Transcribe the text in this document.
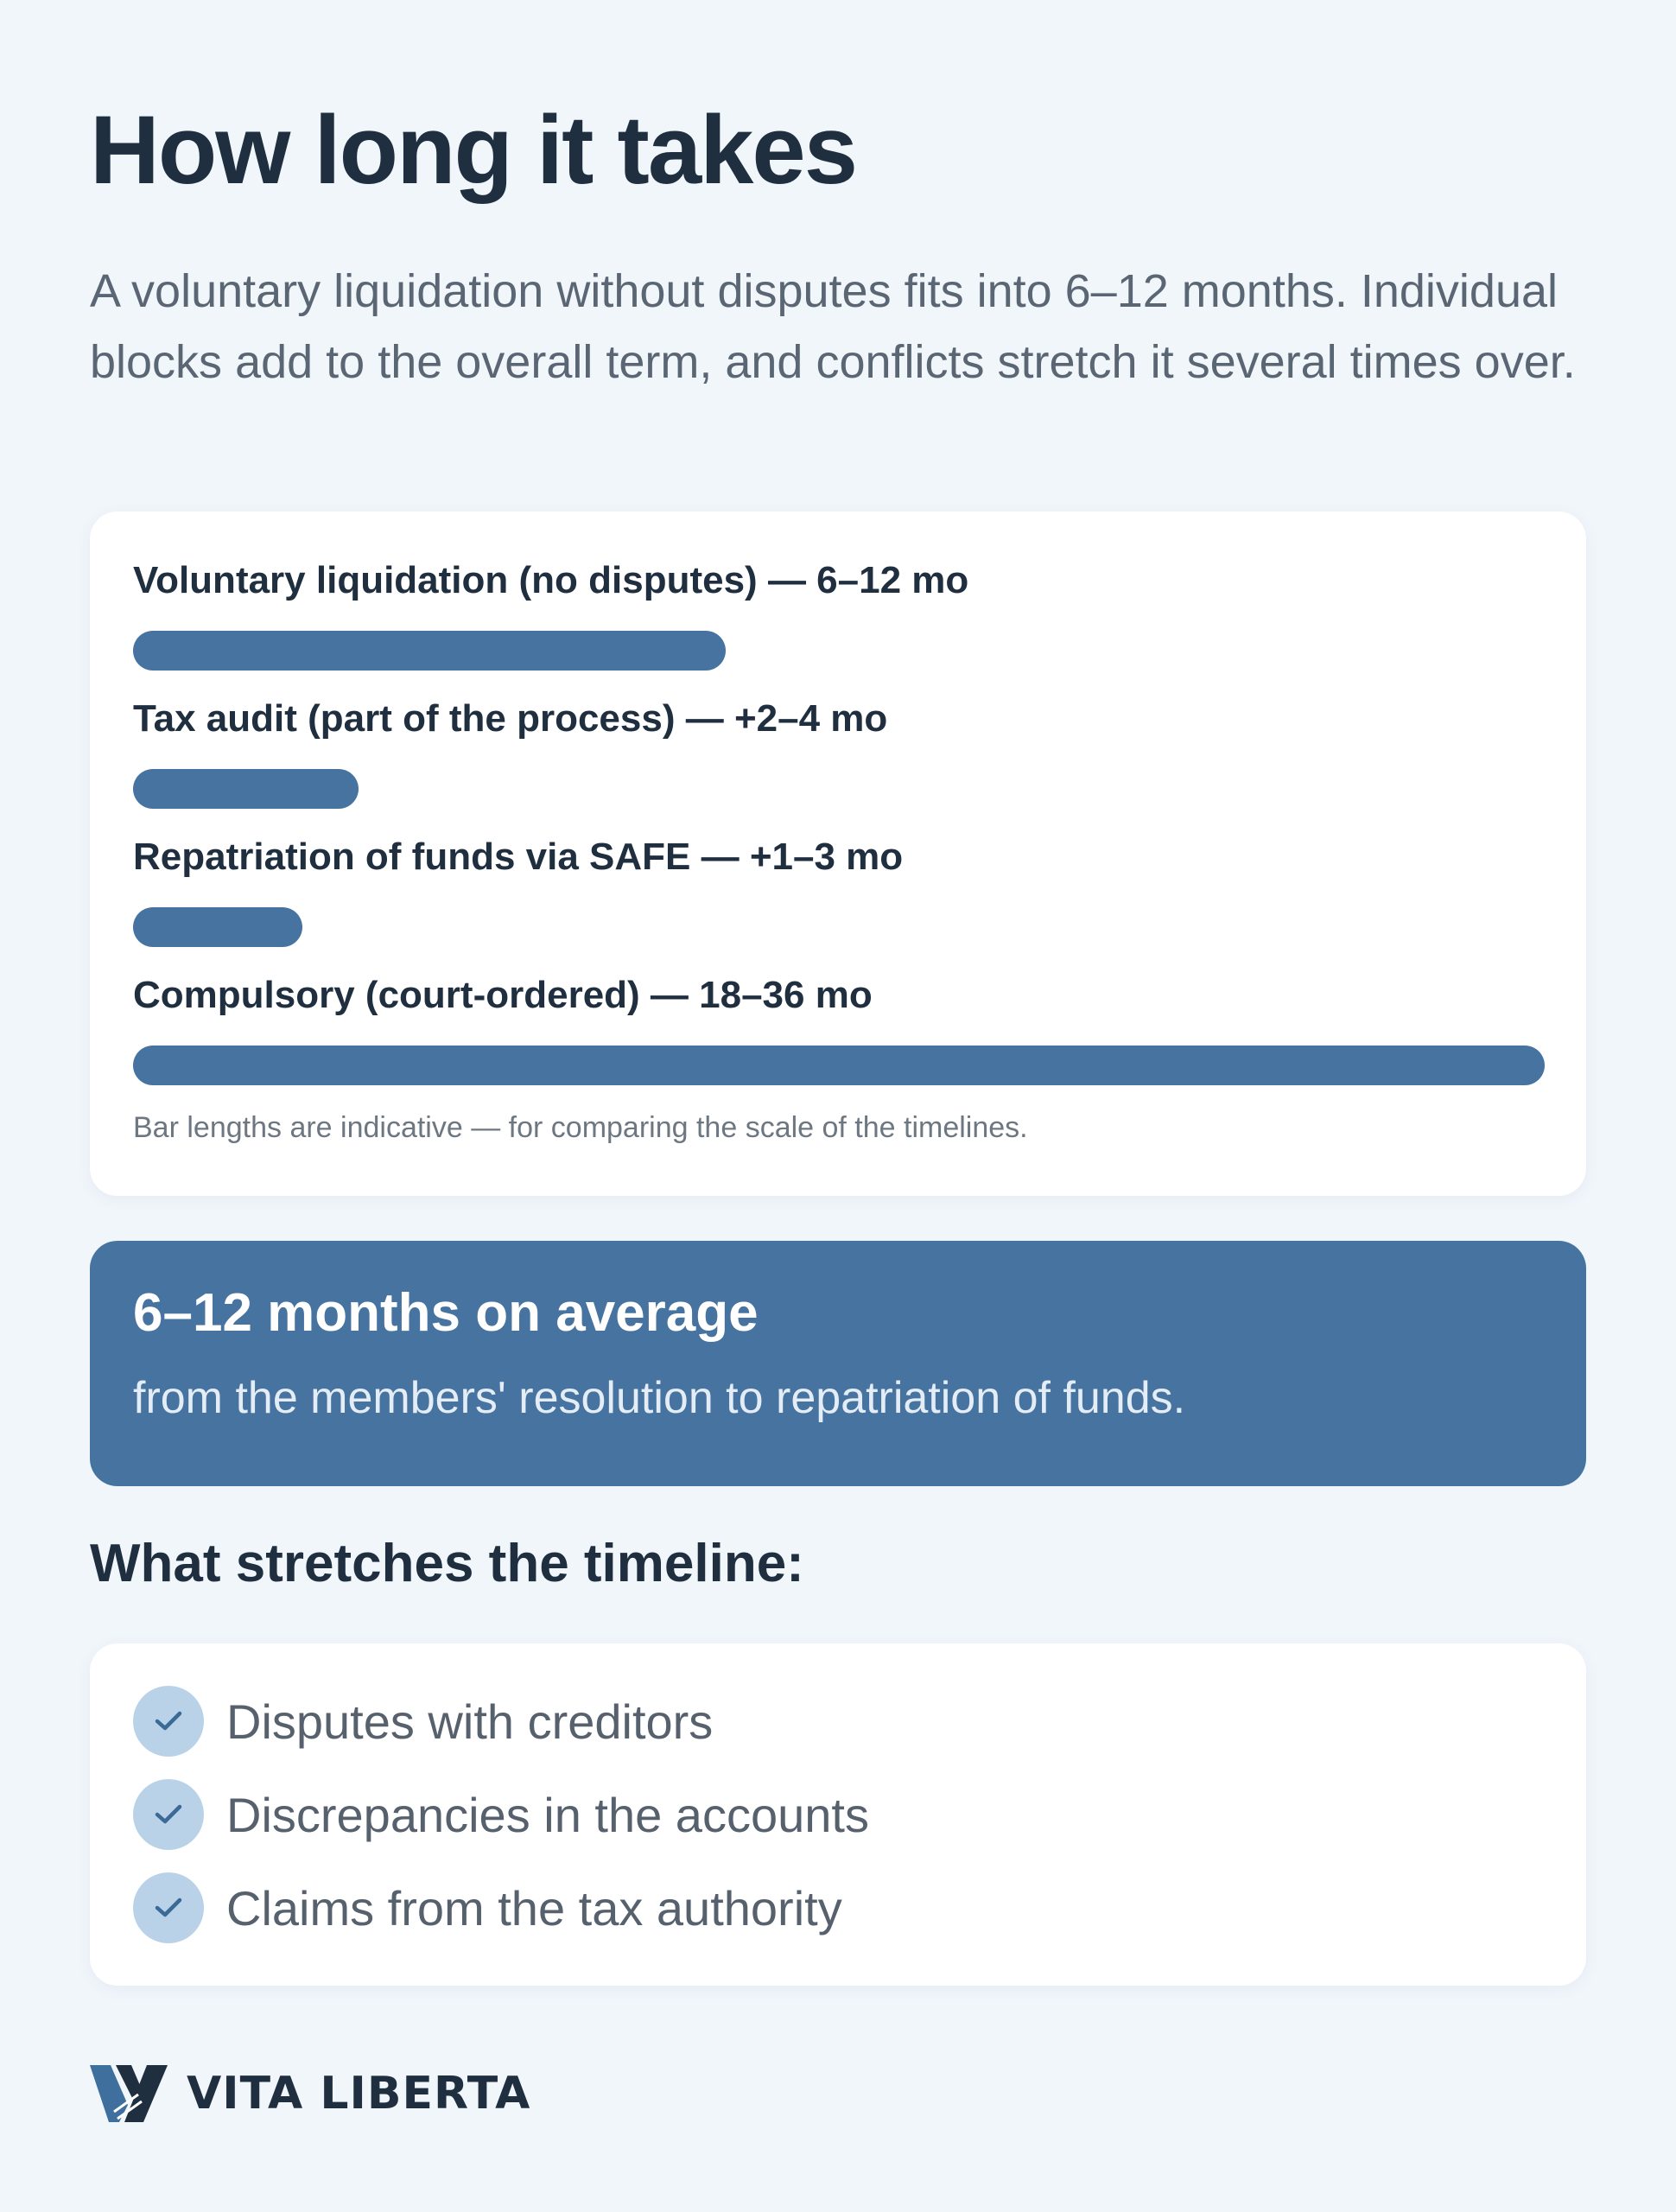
How long it takes

A voluntary liquidation without disputes fits into 6–12 months. Individual blocks add to the overall term, and conflicts stretch it several times over.

Voluntary liquidation (no disputes) — 6–12 mo
Tax audit (part of the process) — +2–4 mo
Repatriation of funds via SAFE — +1–3 mo
Compulsory (court-ordered) — 18–36 mo
Bar lengths are indicative — for comparing the scale of the timelines.
6–12 months on average
from the members' resolution to repatriation of funds.
What stretches the timeline:
Disputes with creditors
Discrepancies in the accounts
Claims from the tax authority
VITA LIBERTA
